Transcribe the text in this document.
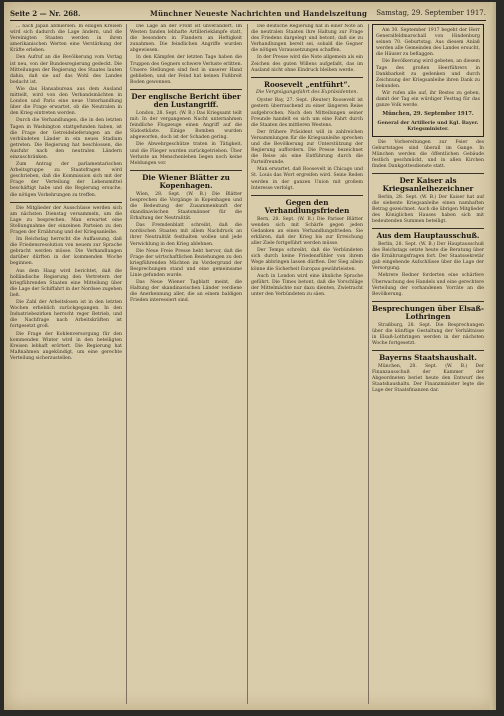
Seite 2 — Nr. 268.	Münchner Neueste Nachrichten und Handelszeitung Samstag, 29. September 1917.

... nach Japan abmiersen. In einigen Kreisen wird sich dadurch die Lage ändern, und die Vereinigten Staaten werden in ihren amerikanischen Werten eine Verstärkung der Kräfte erleben.

Den Aufruf an die Bevölkerung vom Vortag ist neu, von der Bundesregierung gedeckt. Die Mitteilungen der Regierung des Staates lauten dahin, daß sie auf das Wohl des Landes bedacht ist.

Wie das Hansabureau aus dem Ausland mitteilt, wird von den Verbandsmächten in London und Paris eine neue Unterhandlung über die Frage erwartet, ob die Neutralen in den Krieg eintreten werden.

Durch die Verhandlungen, die in den letzten Tagen in Washington stattgefunden haben, ist die Frage der Getreidelieferungen an die verbündeten Länder in ein neues Stadium getreten. Die Regierung hat beschlossen, die Ausfuhr nach den neutralen Ländern einzuschränken.

Zum Antrag der parlamentarischen Arbeitsgruppe zu Staatsfragen wird geschrieben, daß die Kommission sich mit der Frage der Verteilung der Lebensmittel beschäftigt habe und die Regierung ersuche, die nötigen Vorkehrungen zu treffen.

Die Mitglieder der Ausschüsse werden sich am nächsten Dienstag versammeln, um die Lage zu besprechen. Man erwartet eine Stellungnahme der einzelnen Parteien zu den Fragen der Ernährung und der Kriegsanleihe.

Im Reichstag herrscht die Auffassung, daß die Friedensresolution von neuem zur Sprache gebracht werden müsse. Die Verhandlungen darüber dürften in der kommenden Woche beginnen.

Aus dem Haag wird berichtet, daß die holländische Regierung den Vertretern der kriegführenden Staaten eine Mitteilung über die Lage der Schiffahrt in der Nordsee zugehen ließ.

Die Zahl der Arbeitslosen ist in den letzten Wochen erheblich zurückgegangen. In den Industriebezirken herrscht reger Betrieb, und die Nachfrage nach Arbeitskräften ist fortgesetzt groß.

Die Frage der Kohlenversorgung für den kommenden Winter wird in den beteiligten Kreisen lebhaft erörtert. Die Regierung hat Maßnahmen angekündigt, um eine gerechte Verteilung sicherzustellen.

Die Lage an der Front ist unverändert. Im Westen fanden lebhafte Artilleriekämpfe statt, die besonders in Flandern an Heftigkeit zunahmen. Die feindlichen Angriffe wurden abgewiesen.

In den Kämpfen der letzten Tage haben die Truppen des Gegners schwere Verluste erlitten. Unsere Stellungen sind fest in unserer Hand geblieben, und der Feind hat keinen Fußbreit Boden gewonnen.

Der englische Bericht über den Lustangriff.

London, 28. Sept. (W. B.) Das Kriegsamt teilt mit: In der vergangenen Nacht unternahmen feindliche Flugzeuge einen Angriff auf die Südostküste. Einige Bomben wurden abgeworfen, doch ist der Schaden gering.

Die Abwehrgeschütze traten in Tätigkeit, und die Flieger wurden zurückgetrieben. Über Verluste an Menschenleben liegen noch keine Meldungen vor.

Die Wiener Blätter zu Kopenhagen.

Wien, 28. Sept. (W. B.) Die Blätter besprechen die Vorgänge in Kopenhagen und die Bedeutung der Zusammenkunft der skandinavischen Staatsmänner für die Erhaltung der Neutralität.

Das Fremdenblatt schreibt, daß die nordischen Staaten mit allem Nachdruck an ihrer Neutralität festhalten wollen und jede Verwicklung in den Krieg ablehnen.

Die Neue Freie Presse hebt hervor, daß die Frage der wirtschaftlichen Beziehungen zu den kriegführenden Mächten im Vordergrund der Besprechungen stand und eine gemeinsame Linie gefunden wurde.

Das Neue Wiener Tagblatt meint, die Haltung der skandinavischen Länder verdiene die Anerkennung aller, die an einem baldigen Frieden interessiert sind.

Die deutsche Regierung hat in einer Note an die neutralen Staaten ihre Haltung zur Frage des Friedens dargelegt und betont, daß sie zu Verhandlungen bereit sei, sobald die Gegner die nötigen Voraussetzungen schaffen.

In der Presse wird die Note allgemein als ein Zeichen des guten Willens aufgefaßt, das im Ausland nicht ohne Eindruck bleiben werde.

Roosevelt „entführt“.
Die Vergnügungsfahrt des Expräsidenten.

Oyster Bay, 27. Sept. (Reuter) Roosevelt ist gestern überraschend zu einer längeren Reise aufgebrochen. Nach den Mitteilungen seiner Freunde handelt es sich um eine Fahrt durch die Staaten des mittleren Westens.

Der frühere Präsident will in zahlreichen Versammlungen für die Kriegsanleihe sprechen und die Bevölkerung zur Unterstützung der Regierung auffordern. Die Presse bezeichnet die Reise als eine Entführung durch die Parteifreunde.

Man erwartet, daß Roosevelt in Chicago und St. Louis das Wort ergreifen wird. Seine Reden werden in der ganzen Union mit großem Interesse verfolgt.

Gegen den Verhandlungsfrieden

Bern, 28. Sept. (W. B.) Die Pariser Blätter wenden sich mit Schärfe gegen jeden Gedanken an einen Verhandlungsfrieden. Sie erklären, daß der Krieg bis zur Erreichung aller Ziele fortgeführt werden müsse.

Der Temps schreibt, daß die Verbündeten sich durch keine Friedensfühler von ihrem Wege abbringen lassen dürften. Der Sieg allein könne die Sicherheit Europas gewährleisten.

Auch in London wird eine ähnliche Sprache geführt. Die Times betont, daß die Vorschläge der Mittelmächte nur dazu dienten, Zwietracht unter den Verbündeten zu säen.

Am 30. September 1917 begeht der Herr Generalfeldmarschall von Hindenburg seinen 70. Geburtstag. Aus diesem Anlaß werden alle Gemeinden des Landes ersucht, die Häuser zu beflaggen.

Die Bevölkerung wird gebeten, an diesem Tage des großen Heerführers in Dankbarkeit zu gedenken und durch Zeichnung der Kriegsanleihe ihren Dank zu bekunden.

Wir rufen alle auf, ihr Bestes zu geben, damit der Tag ein würdiger Festtag für das ganze Volk werde.

München, 29. September 1917.
General der Artillerie und Kgl. Bayer. Kriegsminister.

Die Vorbereitungen zur Feier des Geburtstages sind überall im Gange. In München werden die öffentlichen Gebäude festlich geschmückt, und in allen Kirchen finden Dankgottesdienste statt.

Der Kaiser als Kriegsanleihezeichner

Berlin, 28. Sept. (W. B.) Der Kaiser hat auf die siebente Kriegsanleihe einen namhaften Betrag gezeichnet. Auch die übrigen Mitglieder des Königlichen Hauses haben sich mit bedeutenden Summen beteiligt.

Aus dem Hauptausschuß.

Berlin, 28. Sept. (W. B.) Der Hauptausschuß des Reichstags setzte heute die Beratung über die Ernährungsfragen fort. Der Staatssekretär gab eingehende Aufschlüsse über die Lage der Versorgung.

Mehrere Redner forderten eine schärfere Überwachung des Handels und eine gerechtere Verteilung der vorhandenen Vorräte an die Bevölkerung.

Besprechungen über Elsaß-Lothringen

Straßburg, 28. Sept. Die Besprechungen über die künftige Gestaltung der Verhältnisse in Elsaß-Lothringen werden in der nächsten Woche fortgesetzt.

Bayerns Staatshaushalt.

München, 28. Sept. (W. B.) Der Finanzausschuß der Kammer der Abgeordneten beriet heute den Entwurf des Staatshaushalts. Der Finanzminister legte die Lage der Staatsfinanzen dar.
